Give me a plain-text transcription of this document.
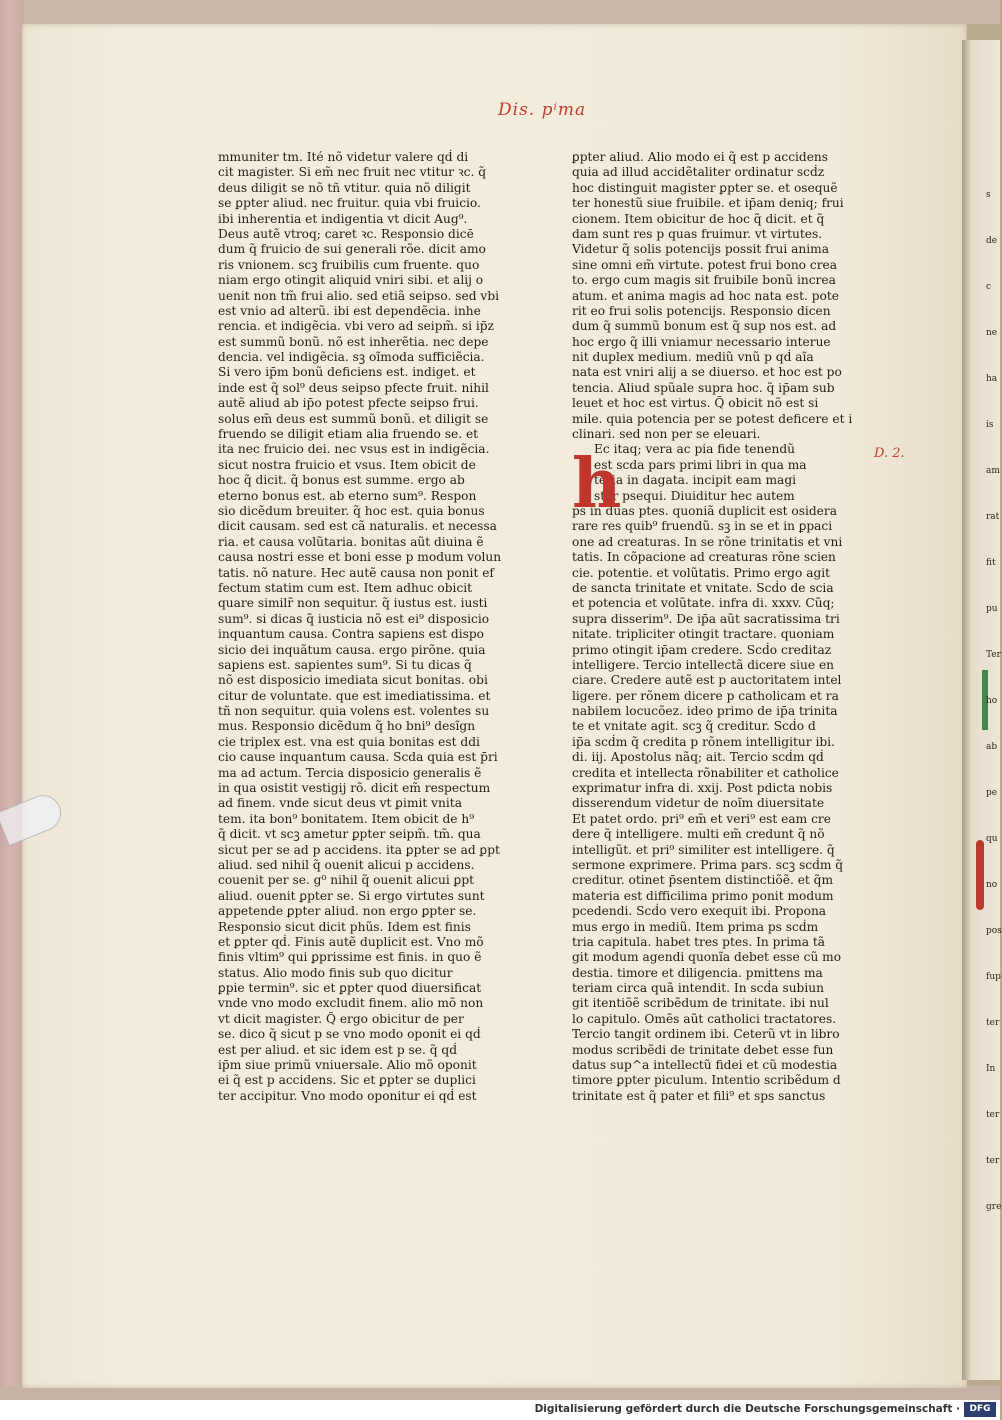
s
de
c
ne
ha
is
am
rat
fit
pu
Ter
ho
ab
pe
qu
no
pos
fup
ter
In
ter
ter
gre
Dis. pⁱma
D. 2.
mmuniter tm. Ité nõ videtur valere qḋ di
cit magister. Si em̃ nec fruit nec vtitur ꝛc. q̃
deus diligit se nõ tñ vtitur. quia nõ diligit
se ꝑpter aliud. nec fruitur. quia vbi fruicio.
ibi inherentia et indigentia vt dicit Aug⁹.
Deus autẽ vtroq; caret ꝛc. Responsio dicē
dum q̃ fruicio de sui generali rõe. dicit amo
ris vnionem. scꝫ fruibilis cum fruente. quo
niam ergo otingit aliquid vniri sibi. et alij o
uenit non tm̃ frui alio. sed etiã seipso. sed vbi
est vnio ad alterũ. ibi est dependẽcia. inhe
rencia. et indigẽcia. vbi vero ad seipm̃. si ip̄z
est summũ bonũ. nõ est inherẽtia. nec depe
dencia. vel indigẽcia. sꝫ oĩmoda sufficiẽcia.
Si vero ip̄m bonũ deficiens est. indiget. et
inde est q̃ sol⁹ deus seipso pfecte fruit. nihil
autẽ aliud ab ip̄o potest pfecte seipso frui.
solus em̃ deus est summũ bonũ. et diligit se
fruendo se diligit etiam alia fruendo se. et
ita nec fruicio dei. nec vsus est in indigẽcia.
sicut nostra fruicio et vsus. Item obicit de
hoc q̃ dicit. q̃ bonus est summe. ergo ab
eterno bonus est. ab eterno sum⁹. Respon
sio dicẽdum breuiter. q̃ hoc est. quia bonus
dicit causam. sed est cã naturalis. et necessa
ria. et causa volũtaria. bonitas aũt diuina ẽ
causa nostri esse et boni esse p modum volun
tatis. nõ nature. Hec autẽ causa non ponit ef
fectum statim cum est. Item adhuc obicit
quare similr̃ non sequitur. q̃ iustus est. iusti
sum⁹. si dicas q̃ iusticia nõ est ei⁹ disposicio
inquantum causa. Contra sapiens est dispo
sicio dei inquãtum causa. ergo pirõne. quia
sapiens est. sapientes sum⁹. Si tu dicas q̃
nõ est disposicio imediata sicut bonitas. obi
citur de voluntate. que est imediatissima. et
tñ non sequitur. quia volens est. volentes su
mus. Responsio dicẽdum q̃ ho bni⁹ desĩgn
cie triplex est. vna est quia bonitas est ddi
cio cause inquantum causa. Scda quia est p̄ri
ma ad actum. Tercia disposicio generalis ẽ
in qua osistit vestigij rõ. dicit em̃ respectum
ad finem. vnde sicut deus vt ꝑimit vnita
tem. ita bon⁹ bonitatem. Item obicit de h⁹
q̃ dicit. vt scꝫ ametur ꝑpter seipm̃. tm̃. qua
sicut per se ad p accidens. ita ꝑpter se ad ꝑpt
aliud. sed nihil q̃ ouenit alicui p accidens.
couenit per se. g⁰ nihil q̃ ouenit alicui ꝑpt
aliud. ouenit ꝑpter se. Si ergo virtutes sunt
appetende ꝑpter aliud. non ergo ꝑpter se.
Responsio sicut dicit phũs. Idem est finis
et ꝑpter qḋ. Finis autẽ duplicit est. Vno mõ
finis vltim⁹ qui ꝑprissime est finis. in quo ẽ
status. Alio modo finis sub quo dicitur
ꝑpie termin⁹. sic et ꝑpter quod diuersificat
vnde vno modo excludit finem. alio mõ non
vt dicit magister. Q̃ ergo obicitur de per
se. dico q̃ sicut p se vno modo oponit ei qḋ
est per aliud. et sic idem est p se. q̃ qḋ
ip̄m siue primũ vniuersale. Alio mõ oponit
ei q̃ est p accidens. Sic et ꝑpter se duplici
ter accipitur. Vno modo oponitur ei qḋ est
ꝑpter aliud. Alio modo ei q̃ est p accidens
quia ad illud accidẽtaliter ordinatur scḋz
hoc distinguit magister ꝑpter se. et osequẽ
ter honestũ siue fruibile. et ip̄am deniq; frui
cionem. Item obicitur de hoc q̃ dicit. et q̃
dam sunt res p quas fruimur. vt virtutes.
Videtur q̃ solis potencijs possit frui anima
sine omni em̃ virtute. potest frui bono crea
to. ergo cum magis sit fruibile bonũ increa
atum. et anima magis ad hoc nata est. pote
rit eo frui solis potencijs. Responsio dicen
dum q̃ summũ bonum est q̃ sup nos est. ad
hoc ergo q̃ illi vniamur necessario interue
nit duplex medium. mediũ vnũ p qḋ aĩa
nata est vniri alij a se diuerso. et hoc est po
tencia. Aliud spũale supra hoc. q̃ ip̄am sub
leuet et hoc est virtus. Q̃ obicit nõ est si
mile. quia potencia per se potest deficere et i
clinari. sed non per se eleuari.
Ec itaq; vera ac pia fide tenendũ
est scda pars primi libri in qua ma
teria in dagata. incipit eam magi
ster psequi. Diuiditur hec autem
ps in duas ptes. quoniã duplicit est osidera
rare res quib⁹ fruendũ. sꝫ in se et in ꝑpaci
one ad creaturas. In se rõne trinitatis et vni
tatis. In cõpacione ad creaturas rõne scien
cie. potentie. et volũtatis. Primo ergo agit
de sancta trinitate et vnitate. Scḋo de scia
et potencia et volũtate. infra di. xxxv. Cũq;
supra disserim⁹. De ip̄a aũt sacratissima tri
nitate. tripliciter otingit tractare. quoniam
primo otingit ip̄am credere. Scḋo creditaz
intelligere. Tercio intellectã dicere siue en
ciare. Credere autẽ est p auctoritatem intel
ligere. per rõnem dicere p catholicam et ra
nabilem locucõez. ideo primo de ip̄a trinita
te et vnitate agit. scꝫ q̃ creditur. Scḋo d
ip̄a scḋm q̃ credita p rõnem intelligitur ibi.
di. iij. Apostolus nãq; ait. Tercio scḋm qḋ
credita et intellecta rõnabiliter et catholice
exprimatur infra di. xxij. Post pdicta nobis
disserendum videtur de noĩm diuersitate
Et patet ordo. pri⁹ em̃ et veri⁹ est eam cre
dere q̃ intelligere. multi em̃ credunt q̃ nõ
intelligũt. et pri⁹ similiter est intelligere. q̃
sermone exprimere. Prima pars. scꝫ scḋm q̃
creditur. otinet p̄sentem distinctiõẽ. et q̃m
materia est difficilima primo ponit modum
pcedendi. Scḋo vero exequit ibi. Propona
mus ergo in mediũ. Item prima ps scḋm
tria capitula. habet tres ptes. In prima tã
git modum agendi quonĩa debet esse cũ mo
destia. timore et diligencia. pmittens ma
teriam circa quã intendit. In scḋa subiun
git itentiõẽ scribẽdum de trinitate. ibi nul
lo capitulo. Omẽs aũt catholici tractatores.
Tercio tangit ordinem ibi. Ceterũ vt in libro
modus scribẽdi de trinitate debet esse fun
datus sup^a intellectũ fidei et cũ modestia
timore ꝑpter piculum. Intentio scribẽdum d
trinitate est q̃ pater et fili⁹ et sps sanctus
h
Digitalisierung gefördert durch die Deutsche Forschungsgemeinschaft ·	DFG
